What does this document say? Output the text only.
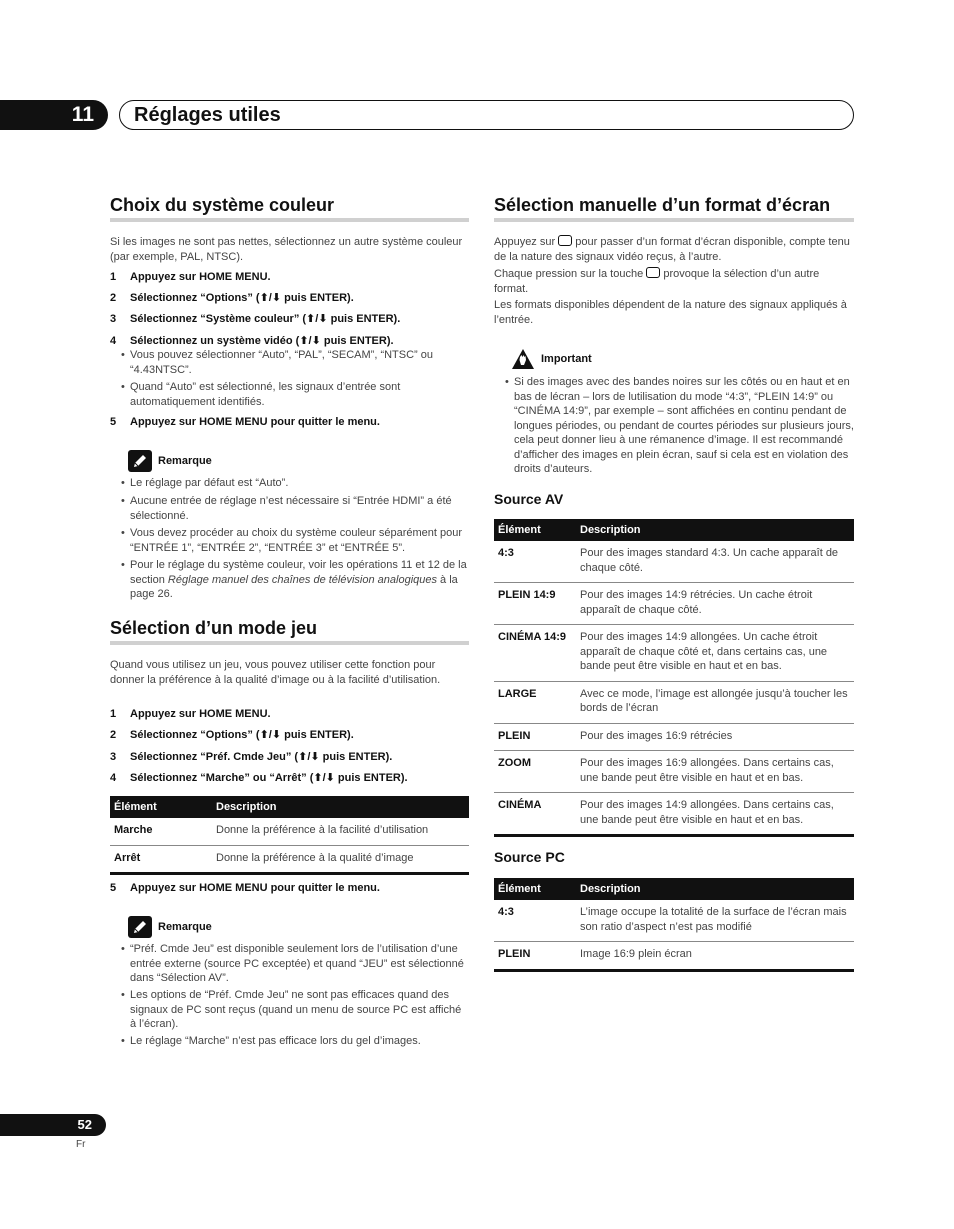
11	Réglages utiles
Choix du système couleur

Si les images ne sont pas nettes, sélectionnez un autre système couleur (par exemple, PAL, NTSC).

1	Appuyez sur HOME MENU.
2	Sélectionnez “Options” (⬆/⬇ puis ENTER).
3	Sélectionnez “Système couleur” (⬆/⬇ puis ENTER).
4	Sélectionnez un système vidéo (⬆/⬇ puis ENTER).

• Vous pouvez sélectionner “Auto”, “PAL”, “SECAM”, “NTSC” ou “4.43NTSC”.

• Quand “Auto” est sélectionné, les signaux d’entrée sont automatiquement identifiés.

5	Appuyez sur HOME MENU pour quitter le menu.
Remarque

• Le réglage par défaut est “Auto”.

• Aucune entrée de réglage n’est nécessaire si “Entrée HDMI” a été sélectionné.

• Vous devez procéder au choix du système couleur séparément pour “ENTRÉE 1”, “ENTRÉE 2”, “ENTRÉE 3” et “ENTRÉE 5”.

• Pour le réglage du système couleur, voir les opérations 11 et 12 de la section Réglage manuel des chaînes de télévision analogiques à la page 26.

Sélection d’un mode jeu

Quand vous utilisez un jeu, vous pouvez utiliser cette fonction pour donner la préférence à la qualité d’image ou à la facilité d’utilisation.

1	Appuyez sur HOME MENU.
2	Sélectionnez “Options” (⬆/⬇ puis ENTER).
3	Sélectionnez “Préf. Cmde Jeu” (⬆/⬇ puis ENTER).
4	Sélectionnez “Marche” ou “Arrêt” (⬆/⬇ puis ENTER).
Élément	Description
Marche	Donne la préférence à la facilité d’utilisation
Arrêt	Donne la préférence à la qualité d’image
5	Appuyez sur HOME MENU pour quitter le menu.
Remarque

• “Préf. Cmde Jeu” est disponible seulement lors de l’utilisation d’une entrée externe (source PC exceptée) et quand “JEU” est sélectionné dans “Sélection AV”.

• Les options de “Préf. Cmde Jeu” ne sont pas efficaces quand des signaux de PC sont reçus (quand un menu de source PC est affiché à l’écran).

• Le réglage “Marche” n’est pas efficace lors du gel d’images.

Sélection manuelle d’un format d’écran

Appuyez sur  pour passer d’un format d’écran disponible, compte tenu de la nature des signaux vidéo reçus, à l’autre.

Chaque pression sur la touche  provoque la sélection d’un autre format.

Les formats disponibles dépendent de la nature des signaux appliqués à l’entrée.

Important

• Si des images avec des bandes noires sur les côtés ou en haut et en bas de lécran – lors de lutilisation du mode “4:3”, “PLEIN 14:9” ou “CINÉMA 14:9”, par exemple – sont affichées en continu pendant de longues périodes, ou pendant de courtes périodes sur plusieurs jours, cela peut donner lieu à une rémanence d’image. Il est recommandé d’afficher des images en plein écran, sauf si cela est en violation des droits d’auteurs.

Source AV
Élément	Description
4:3	Pour des images standard 4:3. Un cache apparaît de chaque côté.
PLEIN 14:9	Pour des images 14:9 rétrécies. Un cache étroit apparaît de chaque côté.
CINÉMA 14:9	Pour des images 14:9 allongées. Un cache étroit apparaît de chaque côté et, dans certains cas, une bande peut être visible en haut et en bas.
LARGE	Avec ce mode, l’image est allongée jusqu’à toucher les bords de l’écran
PLEIN	Pour des images 16:9 rétrécies
ZOOM	Pour des images 16:9 allongées. Dans certains cas, une bande peut être visible en haut et en bas.
CINÉMA	Pour des images 14:9 allongées. Dans certains cas, une bande peut être visible en haut et en bas.
Source PC
Élément	Description
4:3	L’image occupe la totalité de la surface de l’écran mais son ratio d’aspect n’est pas modifié
PLEIN	Image 16:9 plein écran
52
Fr
